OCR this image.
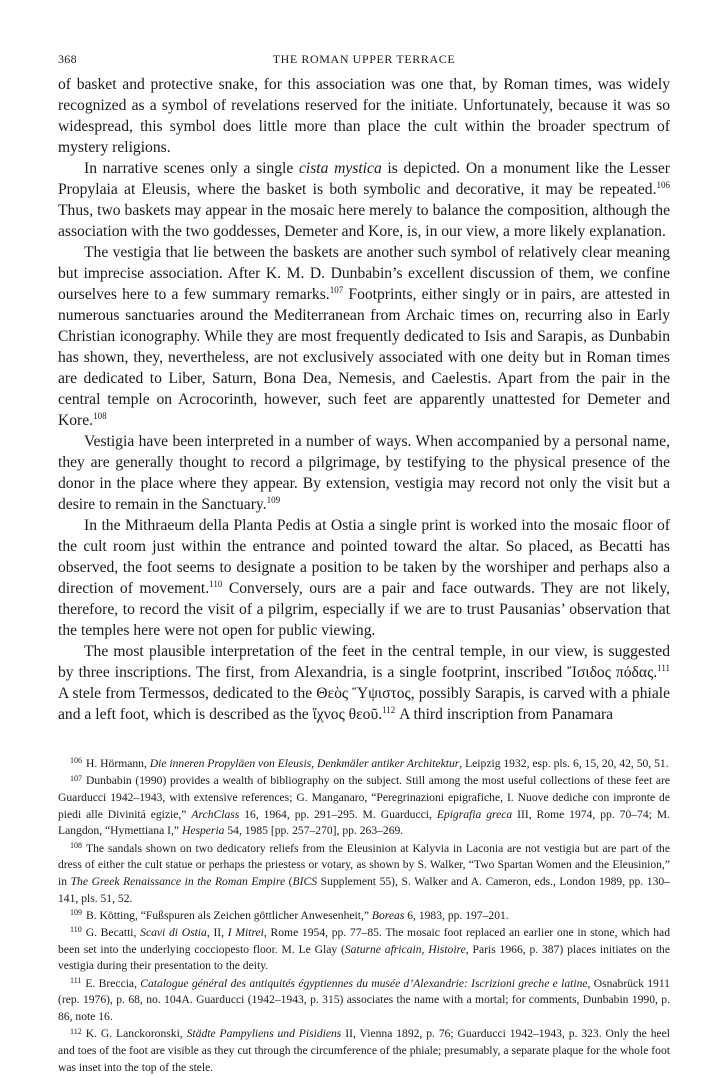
368	THE ROMAN UPPER TERRACE

of basket and protective snake, for this association was one that, by Roman times, was widely recognized as a symbol of revelations reserved for the initiate. Unfortunately, because it was so widespread, this symbol does little more than place the cult within the broader spectrum of mystery religions.

In narrative scenes only a single cista mystica is depicted. On a monument like the Lesser Propylaia at Eleusis, where the basket is both symbolic and decorative, it may be repeated.$^{106}$ Thus, two baskets may appear in the mosaic here merely to balance the composition, although the association with the two goddesses, Demeter and Kore, is, in our view, a more likely explanation.

The vestigia that lie between the baskets are another such symbol of relatively clear meaning but imprecise association. After K. M. D. Dunbabin’s excellent discussion of them, we confine ourselves here to a few summary remarks.$^{107}$ Footprints, either singly or in pairs, are attested in numerous sanctuaries around the Mediterranean from Archaic times on, recurring also in Early Christian iconography. While they are most frequently dedicated to Isis and Sarapis, as Dunbabin has shown, they, nevertheless, are not exclusively associated with one deity but in Roman times are dedicated to Liber, Saturn, Bona Dea, Nemesis, and Caelestis. Apart from the pair in the central temple on Acrocorinth, however, such feet are apparently unattested for Demeter and Kore.$^{108}$

Vestigia have been interpreted in a number of ways. When accompanied by a personal name, they are generally thought to record a pilgrimage, by testifying to the physical presence of the donor in the place where they appear. By extension, vestigia may record not only the visit but a desire to remain in the Sanctuary.$^{109}$

In the Mithraeum della Planta Pedis at Ostia a single print is worked into the mosaic floor of the cult room just within the entrance and pointed toward the altar. So placed, as Becatti has observed, the foot seems to designate a position to be taken by the worshiper and perhaps also a direction of movement.$^{110}$ Conversely, ours are a pair and face outwards. They are not likely, therefore, to record the visit of a pilgrim, especially if we are to trust Pausanias’ observation that the temples here were not open for public viewing.

The most plausible interpretation of the feet in the central temple, in our view, is suggested by three inscriptions. The first, from Alexandria, is a single footprint, inscribed Ἴσιδος πόδας.$^{111}$ A stele from Termessos, dedicated to the Θεὸς Ὕψιστος, possibly Sarapis, is carved with a phiale and a left foot, which is described as the ἴχνος θεοῦ.$^{112}$ A third inscription from Panamara

$^{106}$ H. Hörmann, Die inneren Propyläen von Eleusis, Denkmäler antiker Architektur, Leipzig 1932, esp. pls. 6, 15, 20, 42, 50, 51.

$^{107}$ Dunbabin (1990) provides a wealth of bibliography on the subject. Still among the most useful collections of these feet are Guarducci 1942–1943, with extensive references; G. Manganaro, “Peregrinazioni epigrafiche, I. Nuove dediche con impronte de piedi alle Divinitá egizie,” ArchClass 16, 1964, pp. 291–295. M. Guarducci, Epigrafia greca III, Rome 1974, pp. 70–74; M. Langdon, “Hymettiana I,” Hesperia 54, 1985 [pp. 257–270], pp. 263–269.

$^{108}$ The sandals shown on two dedicatory reliefs from the Eleusinion at Kalyvia in Laconia are not vestigia but are part of the dress of either the cult statue or perhaps the priestess or votary, as shown by S. Walker, “Two Spartan Women and the Eleusinion,” in The Greek Renaissance in the Roman Empire (BICS Supplement 55), S. Walker and A. Cameron, eds., London 1989, pp. 130–141, pls. 51, 52.

$^{109}$ B. Kötting, “Fußspuren als Zeichen göttlicher Anwesenheit,” Boreas 6, 1983, pp. 197–201.

$^{110}$ G. Becatti, Scavi di Ostia, II, I Mitrei, Rome 1954, pp. 77–85. The mosaic foot replaced an earlier one in stone, which had been set into the underlying cocciopesto floor. M. Le Glay (Saturne africain, Histoire, Paris 1966, p. 387) places initiates on the vestigia during their presentation to the deity.

$^{111}$ E. Breccia, Catalogue général des antiquités égyptiennes du musée d’Alexandrie: Iscrizioni greche e latine, Osnabrück 1911 (rep. 1976), p. 68, no. 104A. Guarducci (1942–1943, p. 315) associates the name with a mortal; for comments, Dunbabin 1990, p. 86, note 16.

$^{112}$ K. G. Lanckoronski, Städte Pampyliens und Pisidiens II, Vienna 1892, p. 76; Guarducci 1942–1943, p. 323. Only the heel and toes of the foot are visible as they cut through the circumference of the phiale; presumably, a separate plaque for the whole foot was inset into the top of the stele.
